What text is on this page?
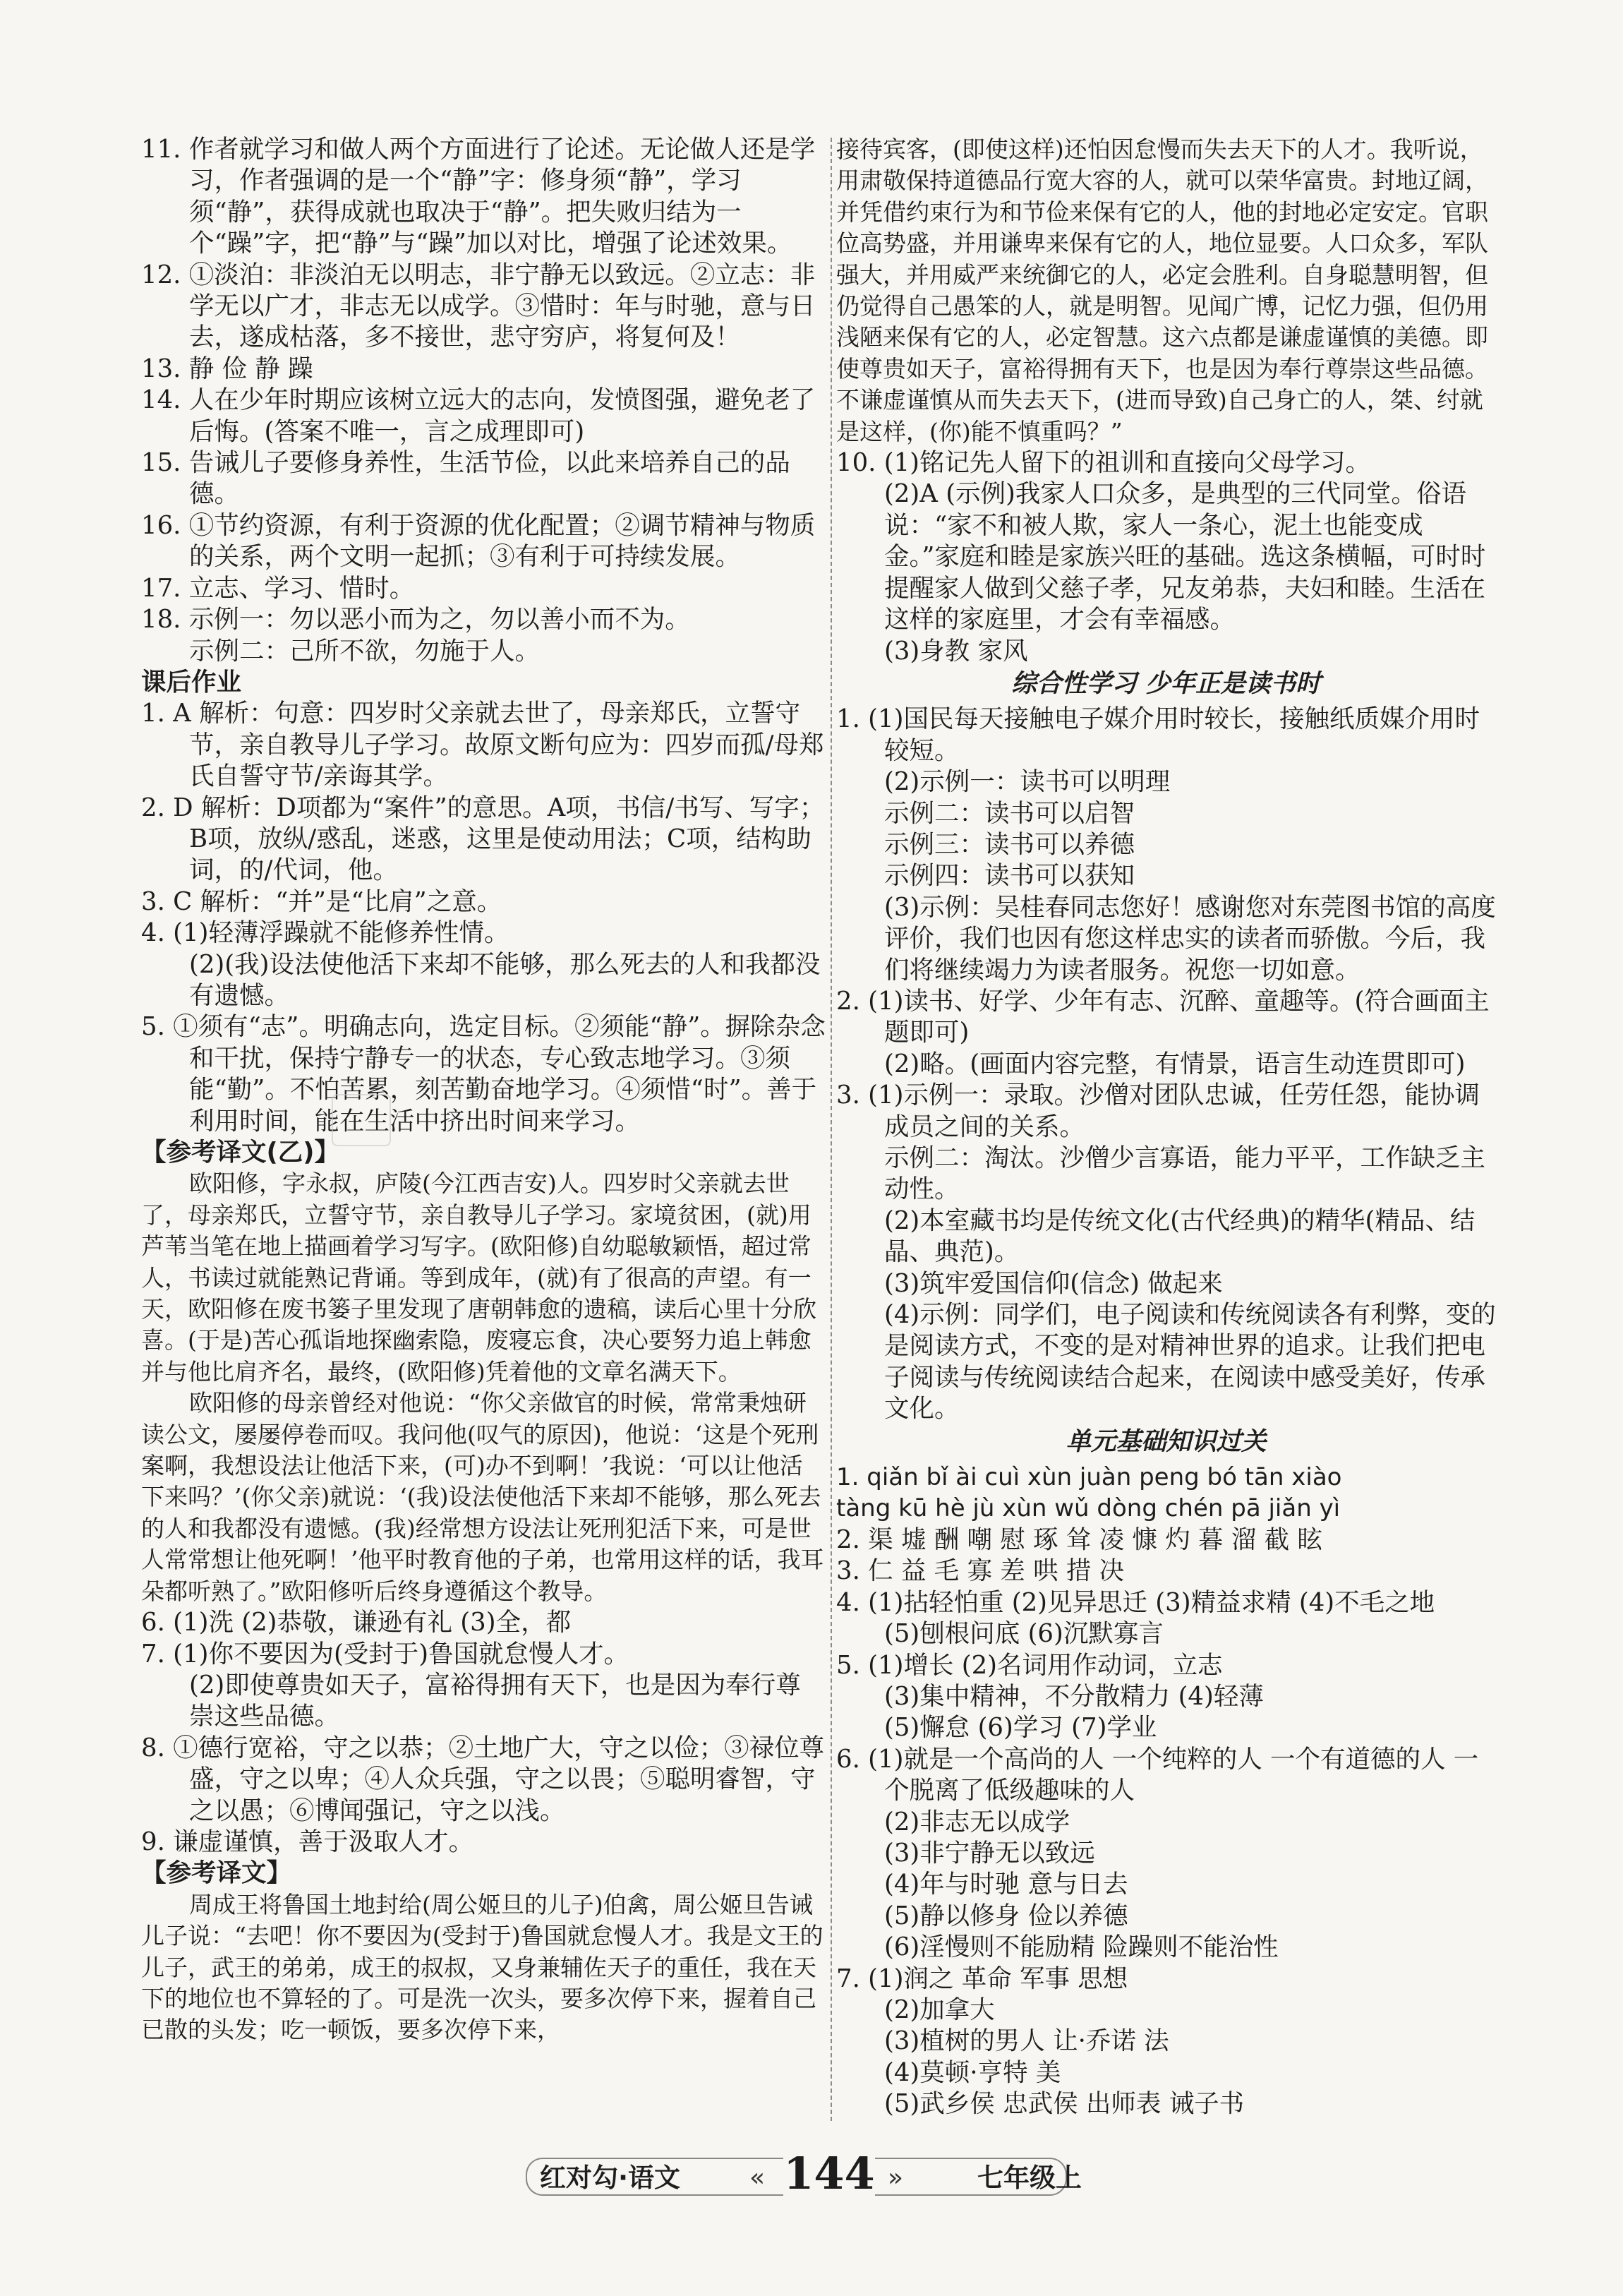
11. 作者就学习和做人两个方面进行了论述。无论做人还是学习，作者强调的是一个“静”字：修身须“静”，学习须“静”，获得成就也取决于“静”。把失败归结为一个“躁”字，把“静”与“躁”加以对比，增强了论述效果。

12. ①淡泊：非淡泊无以明志，非宁静无以致远。②立志：非学无以广才，非志无以成学。③惜时：年与时驰，意与日去，遂成枯落，多不接世，悲守穷庐，将复何及！

13. 静 俭 静 躁

14. 人在少年时期应该树立远大的志向，发愤图强，避免老了后悔。(答案不唯一，言之成理即可)

15. 告诫儿子要修身养性，生活节俭，以此来培养自己的品德。

16. ①节约资源，有利于资源的优化配置；②调节精神与物质的关系，两个文明一起抓；③有利于可持续发展。

17. 立志、学习、惜时。

18. 示例一：勿以恶小而为之，勿以善小而不为。

示例二：己所不欲，勿施于人。

课后作业

1. A 解析：句意：四岁时父亲就去世了，母亲郑氏，立誓守节，亲自教导儿子学习。故原文断句应为：四岁而孤/母郑氏自誓守节/亲诲其学。

2. D 解析：D项都为“案件”的意思。A项，书信/书写、写字；B项，放纵/惑乱，迷惑，这里是使动用法；C项，结构助词，的/代词，他。

3. C 解析：“并”是“比肩”之意。

4. (1)轻薄浮躁就不能修养性情。

(2)(我)设法使他活下来却不能够，那么死去的人和我都没有遗憾。

5. ①须有“志”。明确志向，选定目标。②须能“静”。摒除杂念和干扰，保持宁静专一的状态，专心致志地学习。③须能“勤”。不怕苦累，刻苦勤奋地学习。④须惜“时”。善于利用时间，能在生活中挤出时间来学习。

【参考译文(乙)】

欧阳修，字永叔，庐陵(今江西吉安)人。四岁时父亲就去世了，母亲郑氏，立誓守节，亲自教导儿子学习。家境贫困，(就)用芦苇当笔在地上描画着学习写字。(欧阳修)自幼聪敏颖悟，超过常人，书读过就能熟记背诵。等到成年，(就)有了很高的声望。有一天，欧阳修在废书篓子里发现了唐朝韩愈的遗稿，读后心里十分欣喜。(于是)苦心孤诣地探幽索隐，废寝忘食，决心要努力追上韩愈并与他比肩齐名，最终，(欧阳修)凭着他的文章名满天下。

欧阳修的母亲曾经对他说：“你父亲做官的时候，常常秉烛研读公文，屡屡停卷而叹。我问他(叹气的原因)，他说：‘这是个死刑案啊，我想设法让他活下来，(可)办不到啊！’我说：‘可以让他活下来吗？’(你父亲)就说：‘(我)设法使他活下来却不能够，那么死去的人和我都没有遗憾。(我)经常想方设法让死刑犯活下来，可是世人常常想让他死啊！’他平时教育他的子弟，也常用这样的话，我耳朵都听熟了。”欧阳修听后终身遵循这个教导。

6. (1)洗 (2)恭敬，谦逊有礼 (3)全，都

7. (1)你不要因为(受封于)鲁国就怠慢人才。

(2)即使尊贵如天子，富裕得拥有天下，也是因为奉行尊崇这些品德。

8. ①德行宽裕，守之以恭；②土地广大，守之以俭；③禄位尊盛，守之以卑；④人众兵强，守之以畏；⑤聪明睿智，守之以愚；⑥博闻强记，守之以浅。

9. 谦虚谨慎，善于汲取人才。

【参考译文】

周成王将鲁国土地封给(周公姬旦的儿子)伯禽，周公姬旦告诫儿子说：“去吧！你不要因为(受封于)鲁国就怠慢人才。我是文王的儿子，武王的弟弟，成王的叔叔，又身兼辅佐天子的重任，我在天下的地位也不算轻的了。可是洗一次头，要多次停下来，握着自己已散的头发；吃一顿饭，要多次停下来，

接待宾客，(即使这样)还怕因怠慢而失去天下的人才。我听说，用肃敬保持道德品行宽大容的人，就可以荣华富贵。封地辽阔，并凭借约束行为和节俭来保有它的人，他的封地必定安定。官职位高势盛，并用谦卑来保有它的人，地位显要。人口众多，军队强大，并用威严来统御它的人，必定会胜利。自身聪慧明智，但仍觉得自己愚笨的人，就是明智。见闻广博，记忆力强，但仍用浅陋来保有它的人，必定智慧。这六点都是谦虚谨慎的美德。即使尊贵如天子，富裕得拥有天下，也是因为奉行尊崇这些品德。不谦虚谨慎从而失去天下，(进而导致)自己身亡的人，桀、纣就是这样，(你)能不慎重吗？”

10. (1)铭记先人留下的祖训和直接向父母学习。

(2)A (示例)我家人口众多，是典型的三代同堂。俗语说：“家不和被人欺，家人一条心，泥土也能变成金。”家庭和睦是家族兴旺的基础。选这条横幅，可时时提醒家人做到父慈子孝，兄友弟恭，夫妇和睦。生活在这样的家庭里，才会有幸福感。

(3)身教 家风

综合性学习 少年正是读书时

1. (1)国民每天接触电子媒介用时较长，接触纸质媒介用时较短。

(2)示例一：读书可以明理

示例二：读书可以启智

示例三：读书可以养德

示例四：读书可以获知

(3)示例：吴桂春同志您好！感谢您对东莞图书馆的高度评价，我们也因有您这样忠实的读者而骄傲。今后，我们将继续竭力为读者服务。祝您一切如意。

2. (1)读书、好学、少年有志、沉醉、童趣等。(符合画面主题即可)

(2)略。(画面内容完整，有情景，语言生动连贯即可)

3. (1)示例一：录取。沙僧对团队忠诚，任劳任怨，能协调成员之间的关系。

示例二：淘汰。沙僧少言寡语，能力平平，工作缺乏主动性。

(2)本室藏书均是传统文化(古代经典)的精华(精品、结晶、典范)。

(3)筑牢爱国信仰(信念) 做起来

(4)示例：同学们，电子阅读和传统阅读各有利弊，变的是阅读方式，不变的是对精神世界的追求。让我们把电子阅读与传统阅读结合起来，在阅读中感受美好，传承文化。

单元基础知识过关

1. qiǎn bǐ ài cuì xùn juàn peng bó tān xiào

tàng kū hè jù xùn wǔ dòng chén pā jiǎn yì

2. 渠 墟 酬 嘲 慰 琢 耸 凌 慷 灼 暮 溜 截 眩

3. 仁 益 毛 寡 差 哄 措 决

4. (1)拈轻怕重 (2)见异思迁 (3)精益求精 (4)不毛之地

(5)刨根问底 (6)沉默寡言

5. (1)增长 (2)名词用作动词，立志

(3)集中精神，不分散精力 (4)轻薄

(5)懈怠 (6)学习 (7)学业

6. (1)就是一个高尚的人 一个纯粹的人 一个有道德的人 一个脱离了低级趣味的人

(2)非志无以成学

(3)非宁静无以致远

(4)年与时驰 意与日去

(5)静以修身 俭以养德

(6)淫慢则不能励精 险躁则不能治性

7. (1)润之 革命 军事 思想

(2)加拿大

(3)植树的男人 让·乔诺 法

(4)莫顿·亨特 美

(5)武乡侯 忠武侯 出师表 诫子书

红对勾·语文	« 144 »	七年级上
